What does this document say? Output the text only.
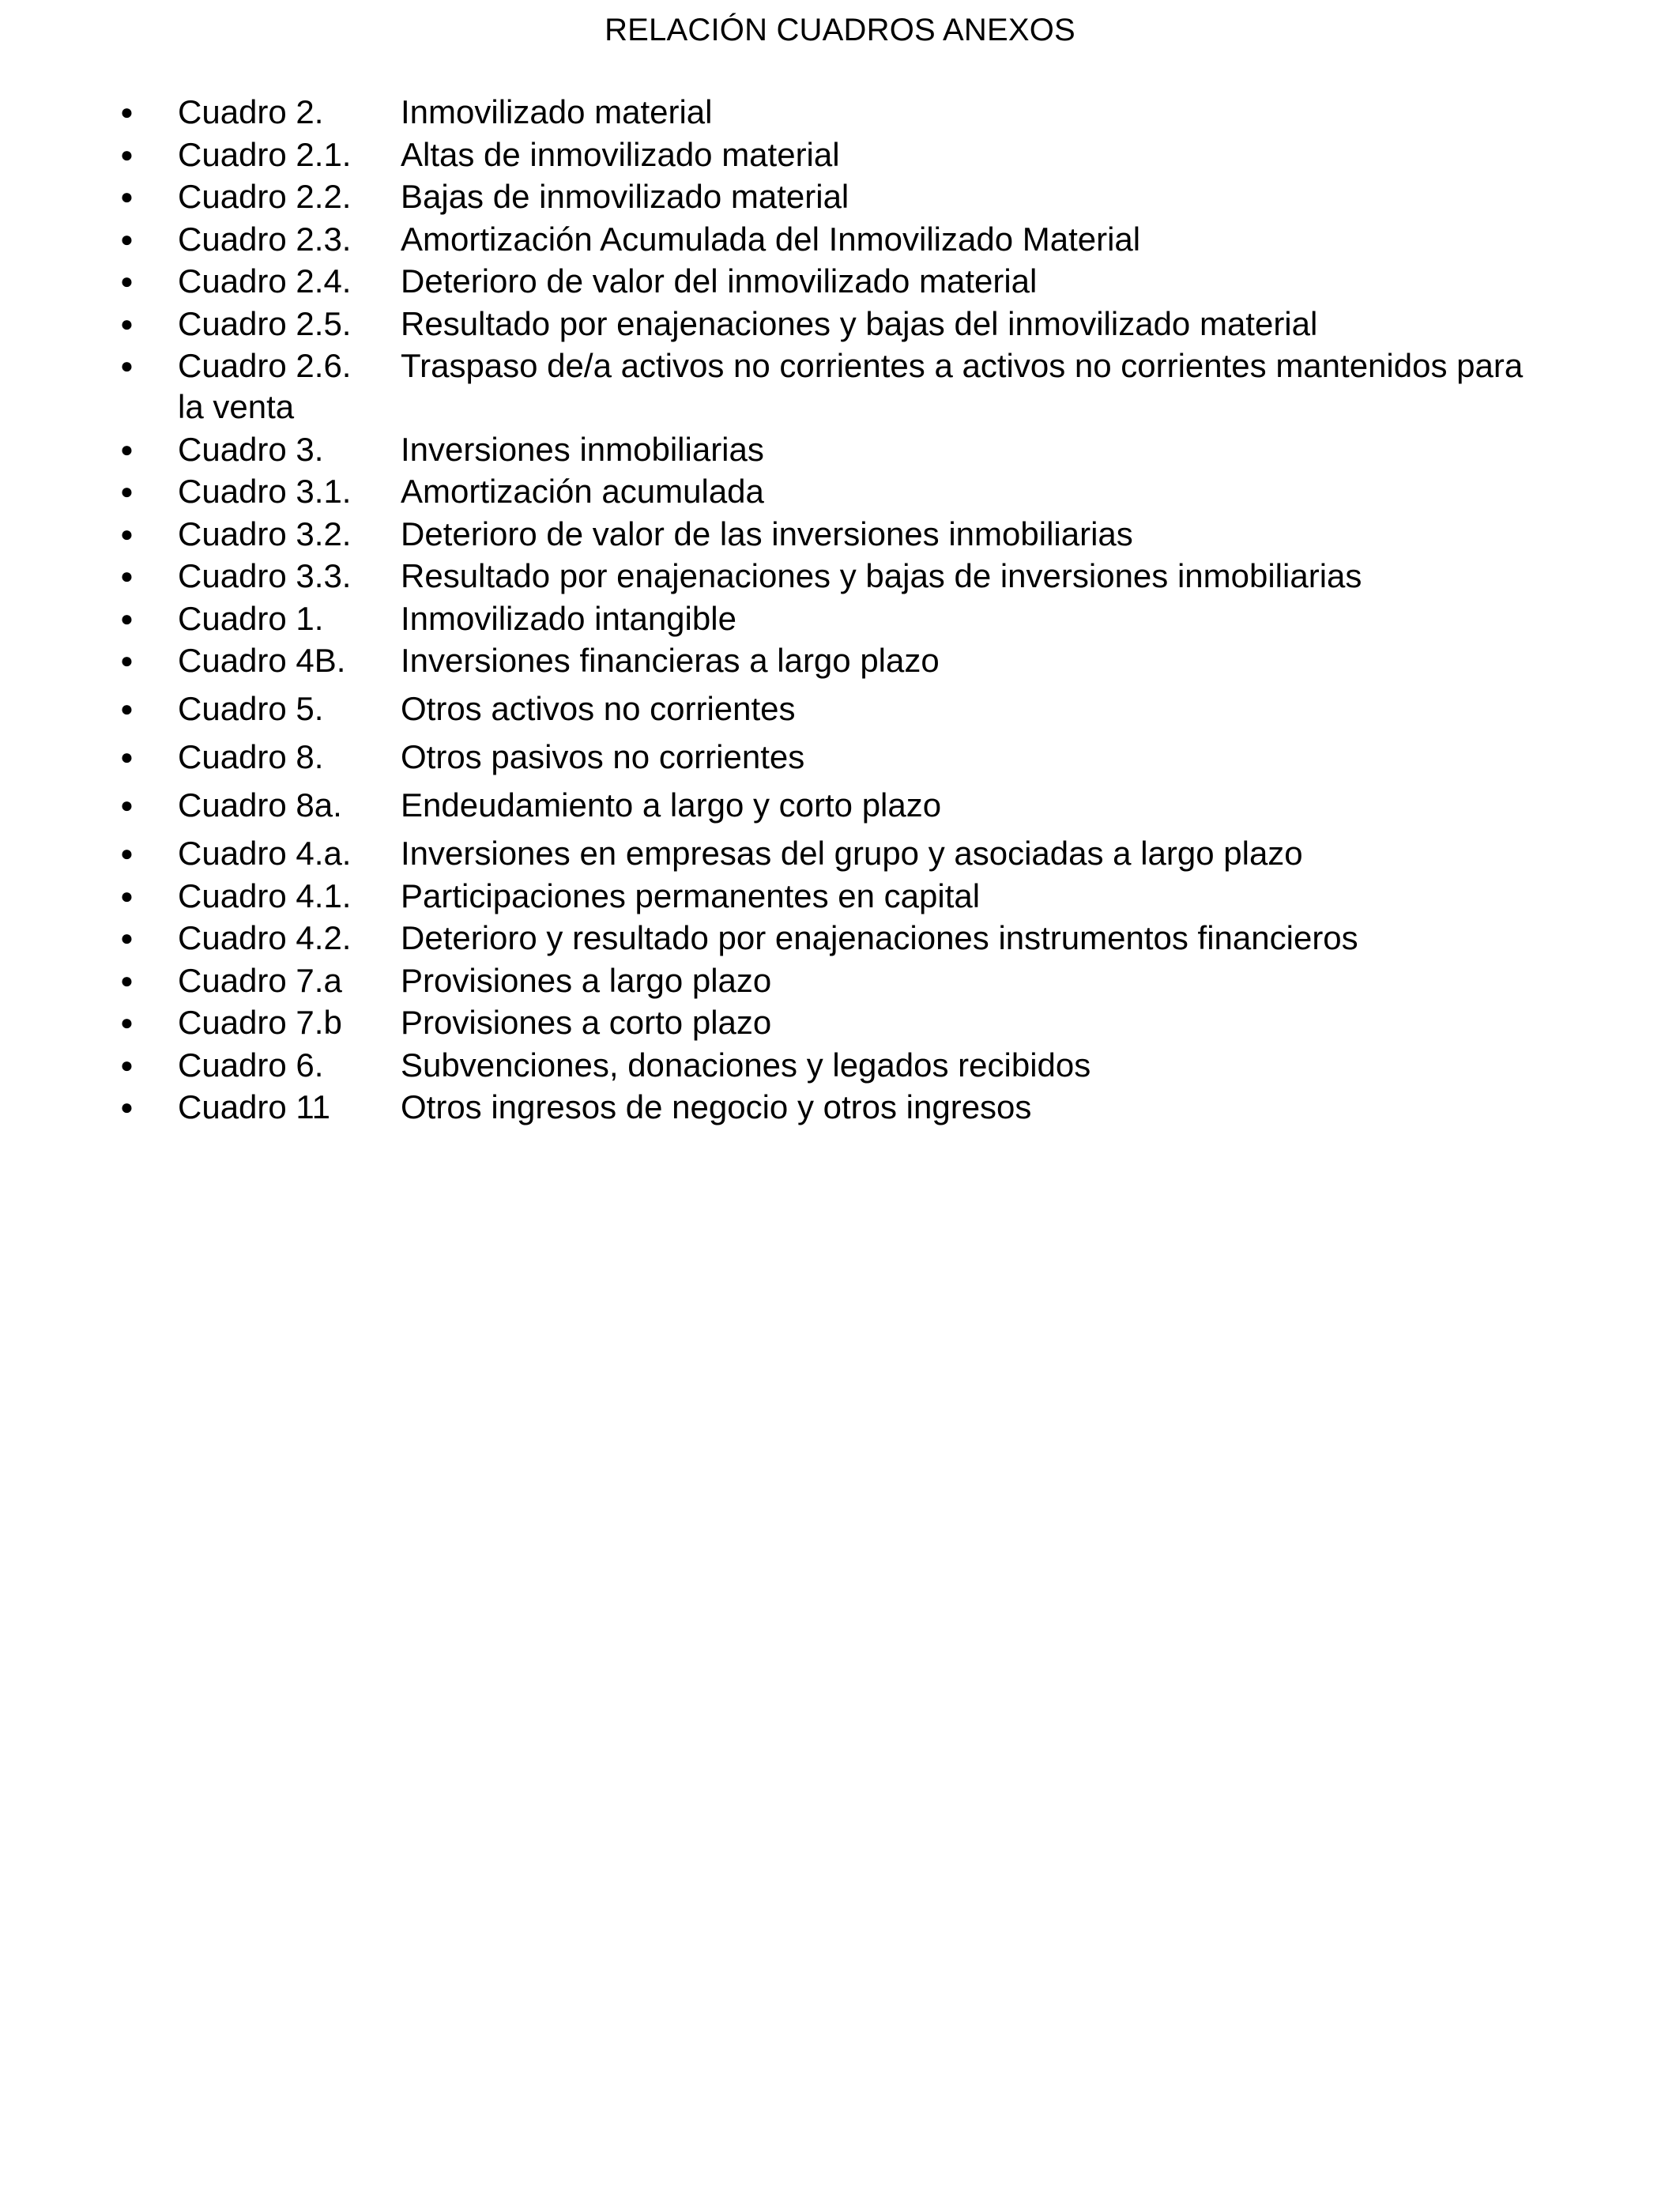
RELACIÓN CUADROS ANEXOS
● Cuadro 2. Inmovilizado material
● Cuadro 2.1. Altas de inmovilizado material
● Cuadro 2.2. Bajas de inmovilizado material
● Cuadro 2.3. Amortización Acumulada del Inmovilizado Material
● Cuadro 2.4. Deterioro de valor del inmovilizado material
● Cuadro 2.5. Resultado por enajenaciones y bajas del inmovilizado material
● Cuadro 2.6. Traspaso de/a activos no corrientes a activos no corrientes mantenidos para
la venta
● Cuadro 3. Inversiones inmobiliarias
● Cuadro 3.1. Amortización acumulada
● Cuadro 3.2. Deterioro de valor de las inversiones inmobiliarias
● Cuadro 3.3. Resultado por enajenaciones y bajas de inversiones inmobiliarias
● Cuadro 1. Inmovilizado intangible
● Cuadro 4B. Inversiones financieras a largo plazo
● Cuadro 5. Otros activos no corrientes
● Cuadro 8. Otros pasivos no corrientes
● Cuadro 8a. Endeudamiento a largo y corto plazo
● Cuadro 4.a. Inversiones en empresas del grupo y asociadas a largo plazo
● Cuadro 4.1. Participaciones permanentes en capital
● Cuadro 4.2. Deterioro y resultado por enajenaciones instrumentos financieros
● Cuadro 7.a Provisiones a largo plazo
● Cuadro 7.b Provisiones a corto plazo
● Cuadro 6. Subvenciones, donaciones y legados recibidos
● Cuadro 11 Otros ingresos de negocio y otros ingresos
